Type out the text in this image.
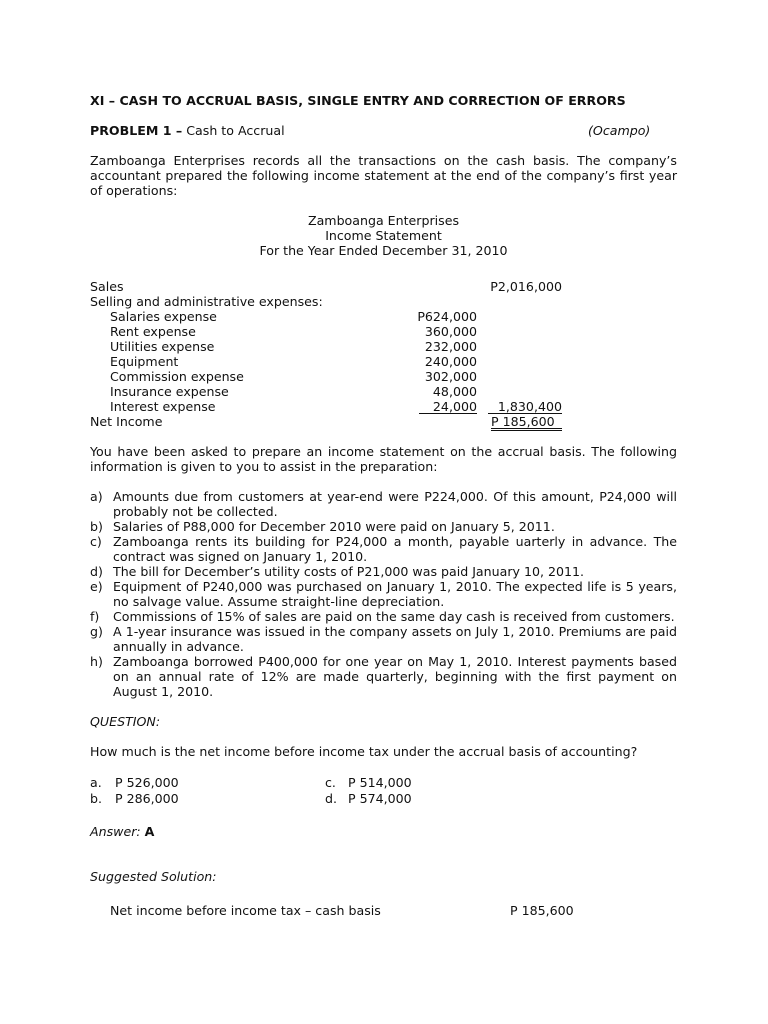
XI – CASH TO ACCRUAL BASIS, SINGLE ENTRY AND CORRECTION OF ERRORS
PROBLEM 1 – Cash to Accrual	(Ocampo)
Zamboanga Enterprises records all the transactions on the cash basis. The company’s
accountant prepared the following income statement at the end of the company’s first year
of operations:
Zamboanga Enterprises
Income Statement
For the Year Ended December 31, 2010
Sales	P2,016,000
Selling and administrative expenses:
Salaries expense	P624,000
Rent expense	360,000
Utilities expense	232,000
Equipment	240,000
Commission expense	302,000
Insurance expense	48,000
Interest expense	24,000	1,830,400
Net Income	P 185,600
You have been asked to prepare an income statement on the accrual basis. The following
information is given to you to assist in the preparation:
a) Amounts due from customers at year-end were P224,000. Of this amount, P24,000 will
probably not be collected.
b) Salaries of P88,000 for December 2010 were paid on January 5, 2011.
c) Zamboanga rents its building for P24,000 a month, payable uarterly in advance. The
contract was signed on January 1, 2010.
d) The bill for December’s utility costs of P21,000 was paid January 10, 2011.
e) Equipment of P240,000 was purchased on January 1, 2010. The expected life is 5 years,
no salvage value. Assume straight-line depreciation.
f)	Commissions of 15% of sales are paid on the same day cash is received from customers.
g) A 1-year insurance was issued in the company assets on July 1, 2010. Premiums are paid
annually in advance.
h) Zamboanga borrowed P400,000 for one year on May 1, 2010. Interest payments based
on an annual rate of 12% are made quarterly, beginning with the first payment on
August 1, 2010.
QUESTION:
How much is the net income before income tax under the accrual basis of accounting?
a. P 526,000
b. P 286,000
c. P 514,000
d. P 574,000
Answer: A
Suggested Solution:
Net income before income tax – cash basis	P 185,600
